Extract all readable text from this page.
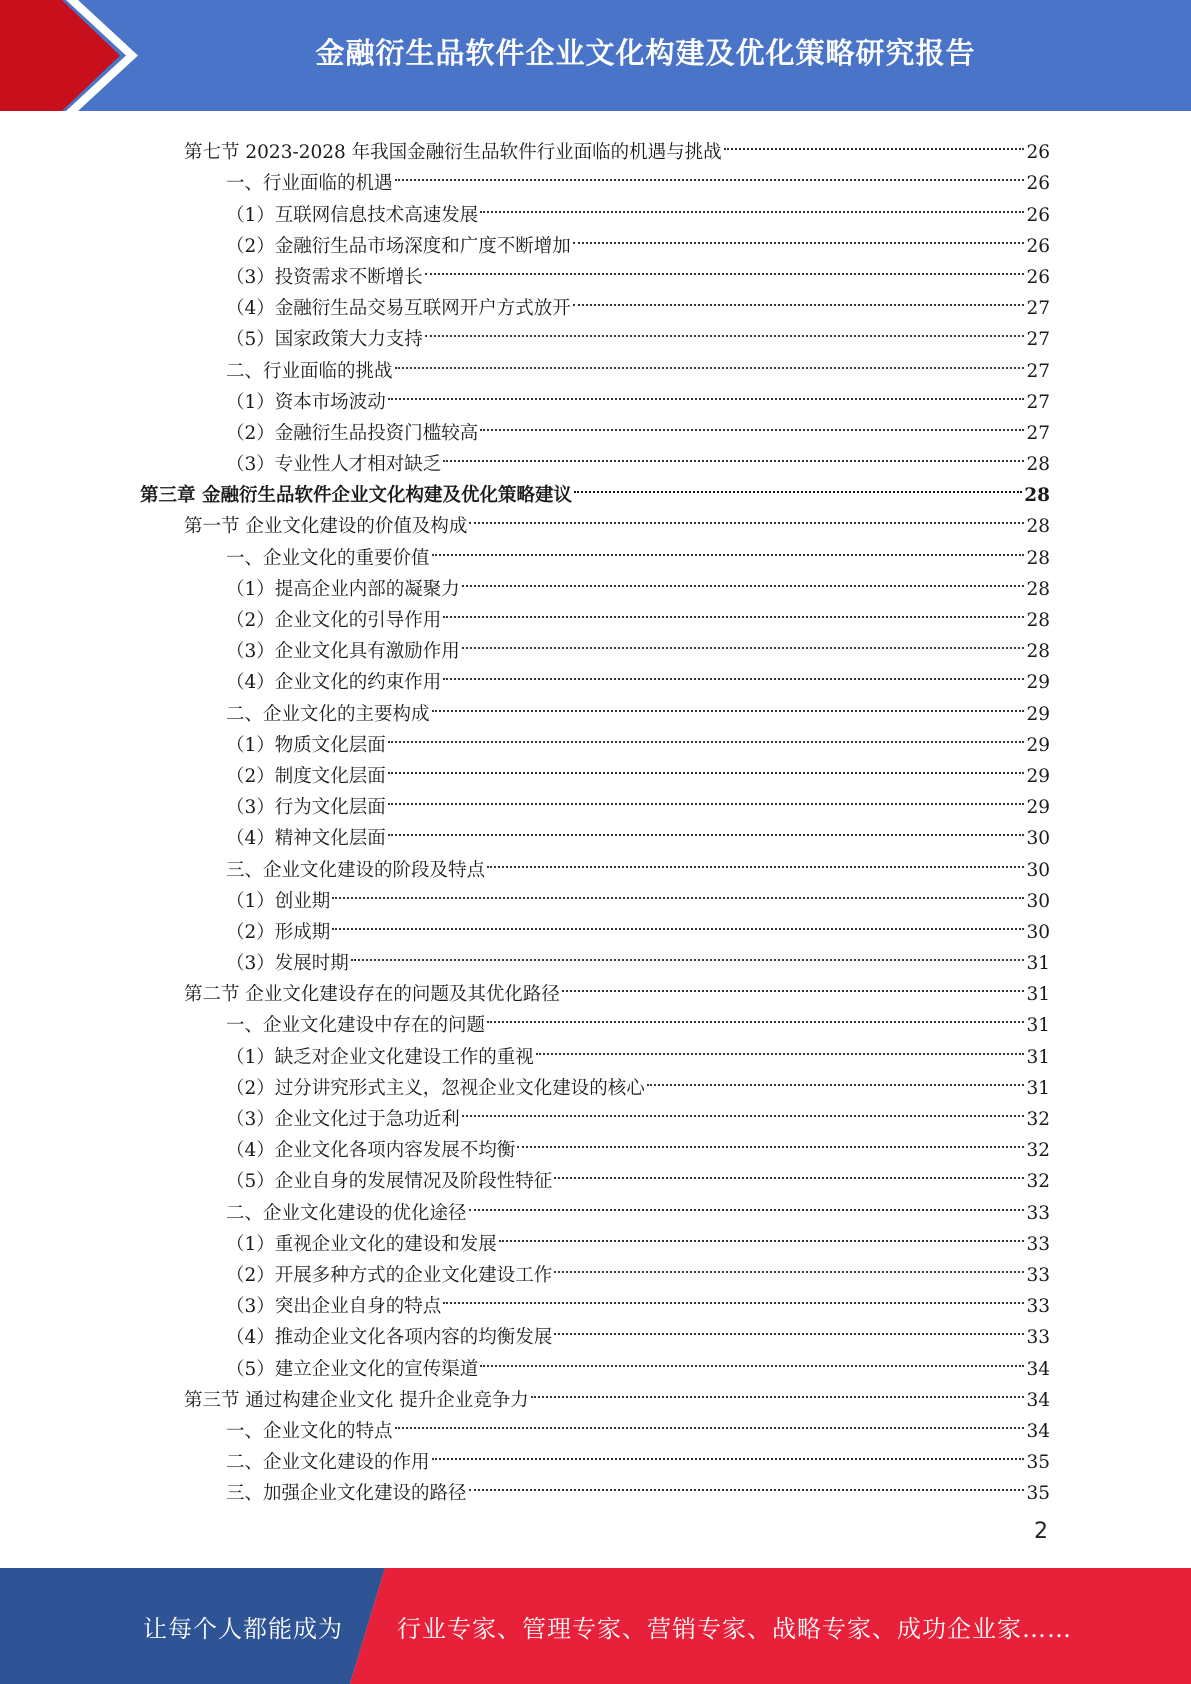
金融衍生品软件企业文化构建及优化策略研究报告
第七节 2023-2028 年我国金融衍生品软件行业面临的机遇与挑战	26
一、行业面临的机遇	26
（1）互联网信息技术高速发展	26
（2）金融衍生品市场深度和广度不断增加	26
（3）投资需求不断增长	26
（4）金融衍生品交易互联网开户方式放开	27
（5）国家政策大力支持	27
二、行业面临的挑战	27
（1）资本市场波动	27
（2）金融衍生品投资门槛较高	27
（3）专业性人才相对缺乏	28
第三章 金融衍生品软件企业文化构建及优化策略建议	28
第一节 企业文化建设的价值及构成	28
一、企业文化的重要价值	28
（1）提高企业内部的凝聚力	28
（2）企业文化的引导作用	28
（3）企业文化具有激励作用	28
（4）企业文化的约束作用	29
二、企业文化的主要构成	29
（1）物质文化层面	29
（2）制度文化层面	29
（3）行为文化层面	29
（4）精神文化层面	30
三、企业文化建设的阶段及特点	30
（1）创业期	30
（2）形成期	30
（3）发展时期	31
第二节 企业文化建设存在的问题及其优化路径	31
一、企业文化建设中存在的问题	31
（1）缺乏对企业文化建设工作的重视	31
（2）过分讲究形式主义，忽视企业文化建设的核心	31
（3）企业文化过于急功近利	32
（4）企业文化各项内容发展不均衡	32
（5）企业自身的发展情况及阶段性特征	32
二、企业文化建设的优化途径	33
（1）重视企业文化的建设和发展	33
（2）开展多种方式的企业文化建设工作	33
（3）突出企业自身的特点	33
（4）推动企业文化各项内容的均衡发展	33
（5）建立企业文化的宣传渠道	34
第三节 通过构建企业文化 提升企业竞争力	34
一、企业文化的特点	34
二、企业文化建设的作用	35
三、加强企业文化建设的路径	35
2
让每个人都能成为 行业专家、管理专家、营销专家、战略专家、成功企业家……
